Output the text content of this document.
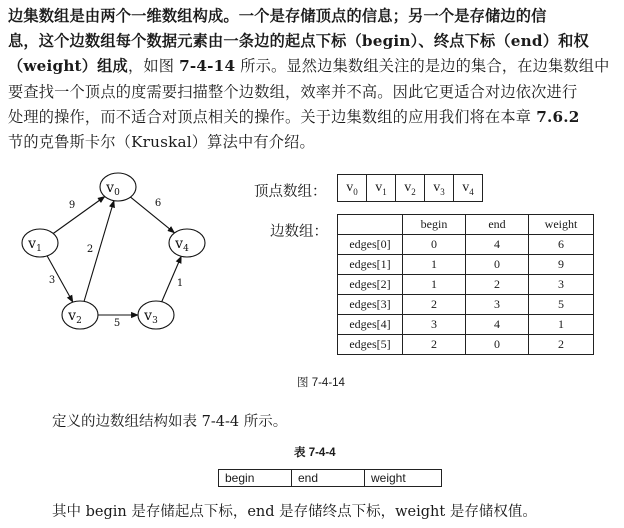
边集数组是由两个一维数组构成。一个是存储顶点的信息；另一个是存储边的信
息，这个边数组每个数据元素由一条边的起点下标（begin）、终点下标（end）和权
（weight）组成，如图 7-4-14 所示。显然边集数组关注的是边的集合，在边集数组中
要查找一个顶点的度需要扫描整个边数组，效率并不高。因此它更适合对边依次进行
处理的操作，而不适合对顶点相关的操作。关于边集数组的应用我们将在本章 7.6.2
节的克鲁斯卡尔（Kruskal）算法中有介绍。
9	6
2
3
5
1
$v_0$
$v_1$
$v_2$	$v_3$
$v_4$
顶点数组： $v_0$	$v_1$	$v_2$	$v_3$	$v_4$
边数组：
		begin	end	weight
edges[0]	0	4	6
edges[1]	1	0	9
edges[2]	1	2	3
edges[3]	2	3	5
edges[4]	3	4	1
edges[5]	2	0	2
图 7-4-14
定义的边数组结构如表 7-4-4 所示。
表 7-4-4
begin	end	weight
其中 begin 是存储起点下标，end 是存储终点下标，weight 是存储权值。
